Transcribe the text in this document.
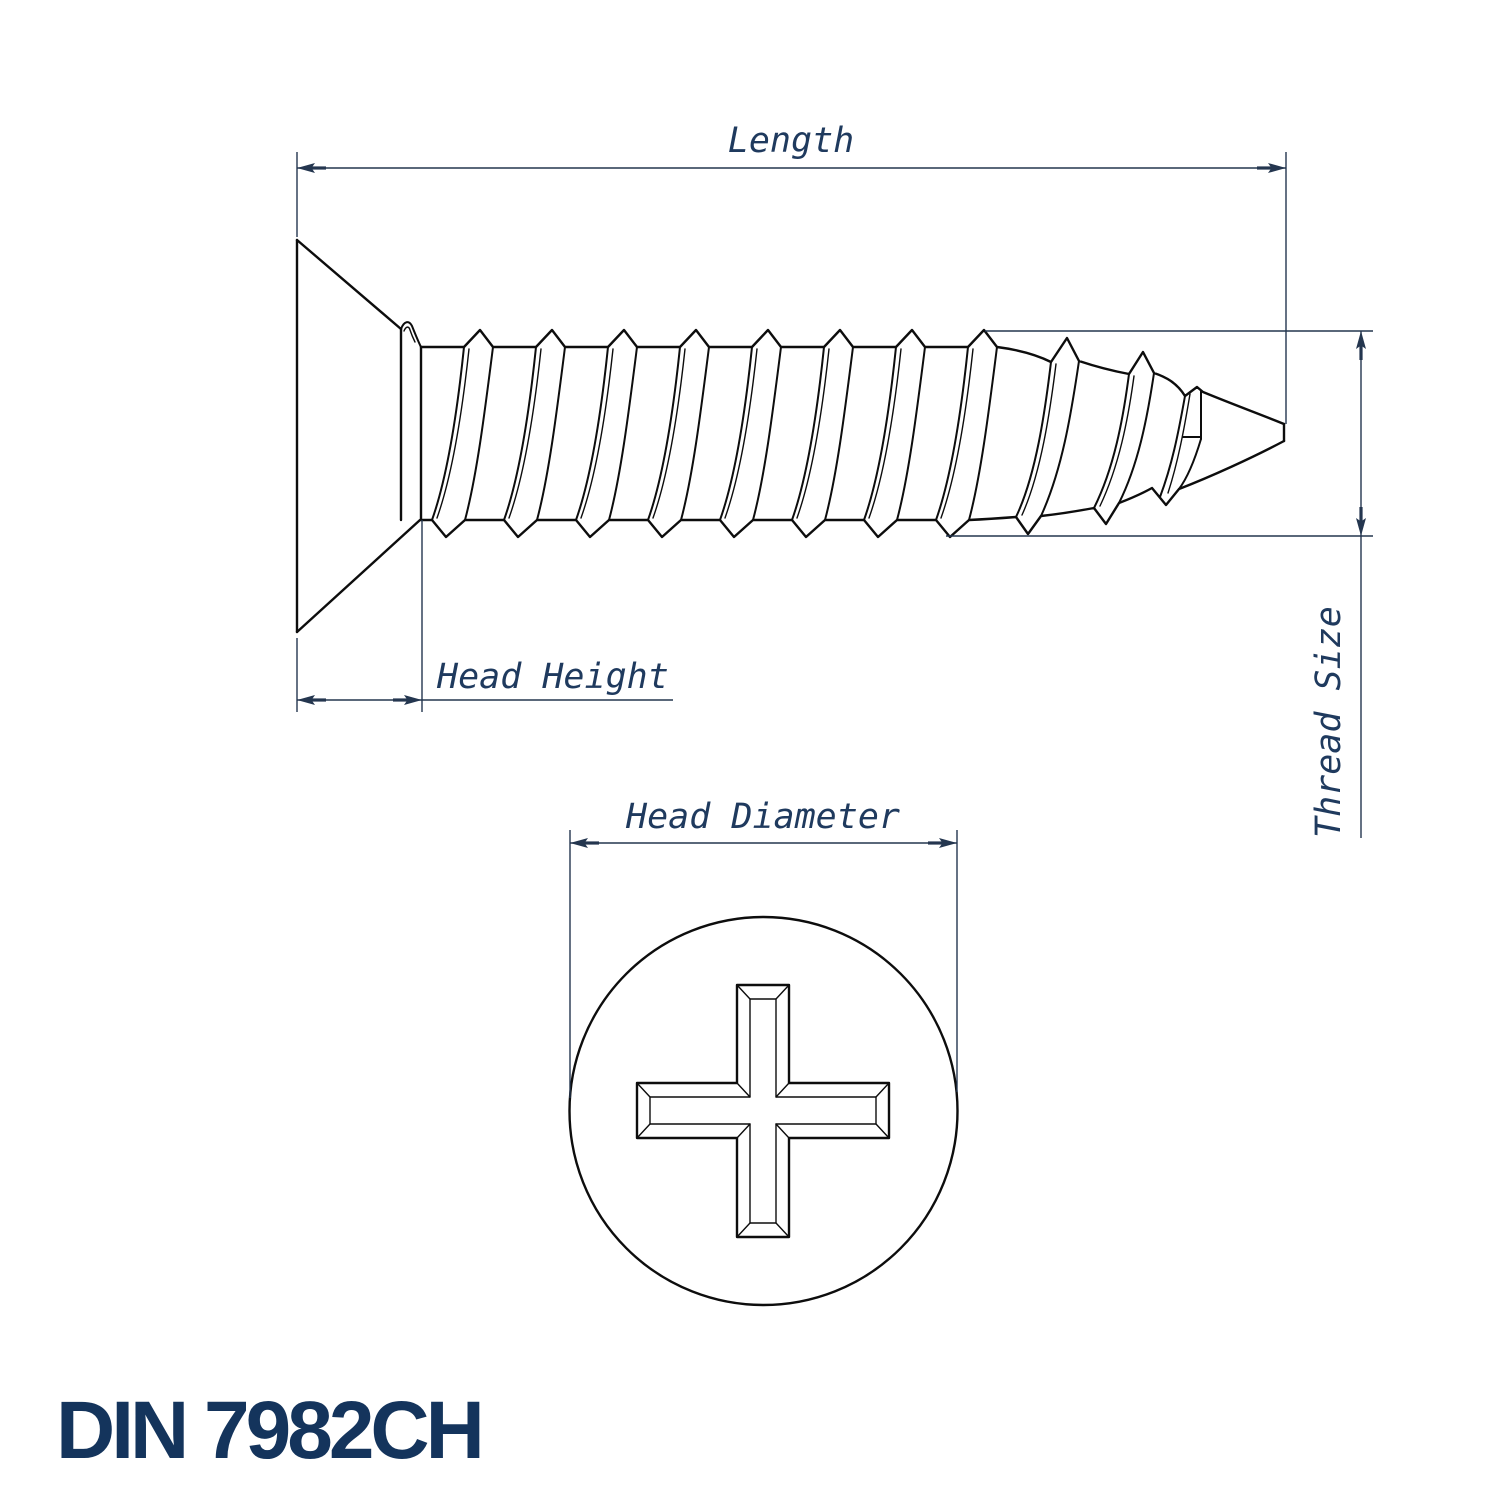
Length
Head Height	Thread Size
Head Diameter
DIN 7982CH
